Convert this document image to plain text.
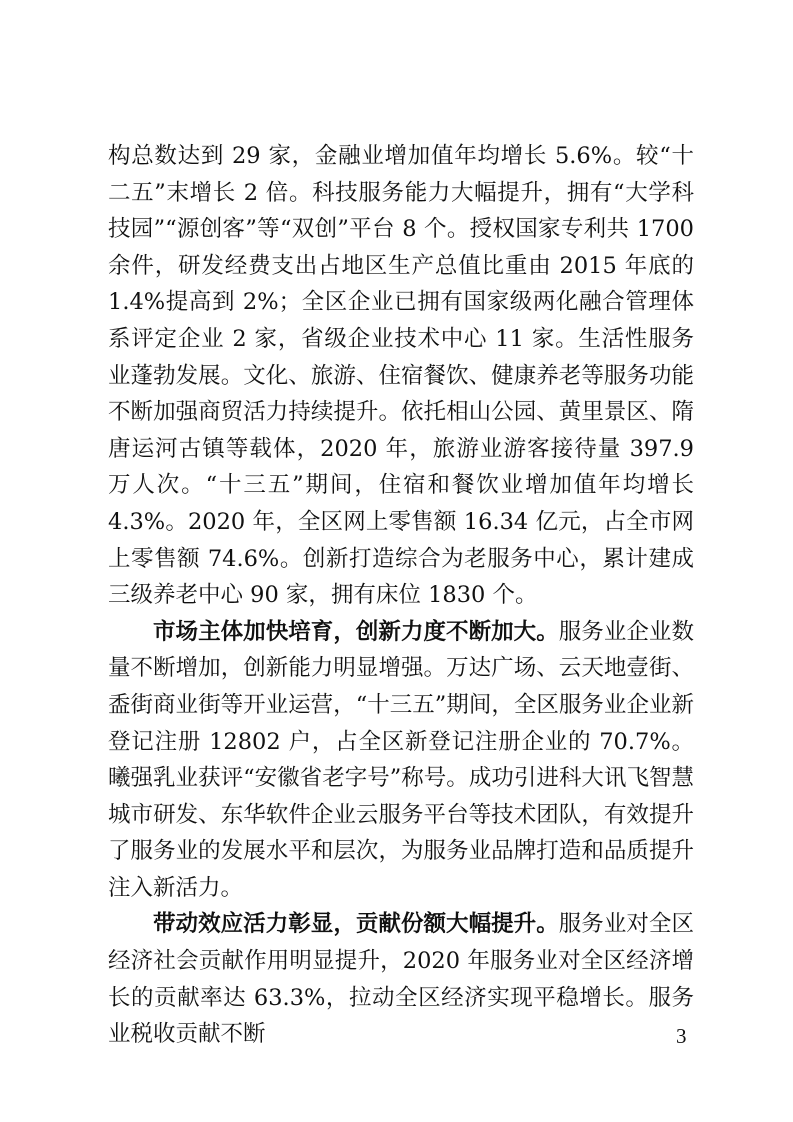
构总数达到 29 家，金融业增加值年均增长 5.6%。较“十二五”末增长 2 倍。科技服务能力大幅提升，拥有“大学科技园”“源创客”等“双创”平台 8 个。授权国家专利共 1700 余件，研发经费支出占地区生产总值比重由 2015 年底的 1.4%提高到 2%；全区企业已拥有国家级两化融合管理体系评定企业 2 家，省级企业技术中心 11 家。生活性服务业蓬勃发展。文化、旅游、住宿餐饮、健康养老等服务功能不断加强商贸活力持续提升。依托相山公园、黄里景区、隋唐运河古镇等载体，2020 年，旅游业游客接待量 397.9 万人次。“十三五”期间，住宿和餐饮业增加值年均增长 4.3%。2020 年，全区网上零售额 16.34 亿元，占全市网上零售额 74.6%。创新打造综合为老服务中心，累计建成三级养老中心 90 家，拥有床位 1830 个。

市场主体加快培育，创新力度不断加大。服务业企业数量不断增加，创新能力明显增强。万达广场、云天地壹街、盉街商业街等开业运营，“十三五”期间，全区服务业企业新登记注册 12802 户，占全区新登记注册企业的 70.7%。曦强乳业获评“安徽省老字号”称号。成功引进科大讯飞智慧城市研发、东华软件企业云服务平台等技术团队，有效提升了服务业的发展水平和层次，为服务业品牌打造和品质提升注入新活力。

带动效应活力彰显，贡献份额大幅提升。服务业对全区经济社会贡献作用明显提升，2020 年服务业对全区经济增长的贡献率达 63.3%，拉动全区经济实现平稳增长。服务业税收贡献不断	3
